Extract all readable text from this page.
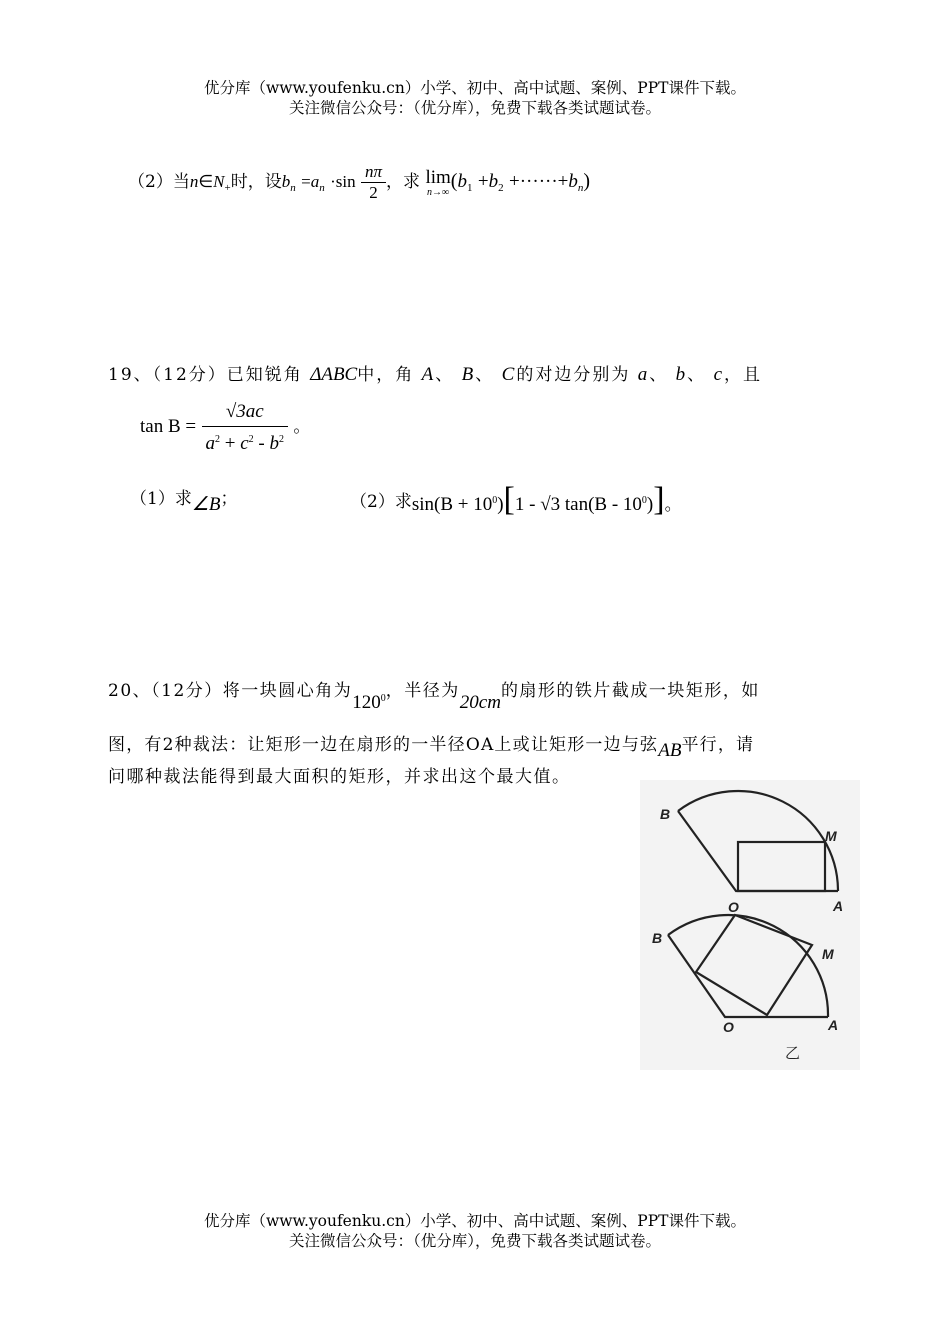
优分库（www.youfenku.cn）小学、初中、高中试题、案例、PPT课件下载。
关注微信公众号：（优分库），免费下载各类试题试卷。
（2）当$n\in N_+$时，设$b_n =a_n \cdot\sin \frac{n\pi}{2}$ ，求 lim
n→∞ $(b_1 +b_2 +\cdot\cdot\cdot\cdot\cdot\cdot+b_n)$
19、（12分）已知锐角 ΔABC中，角 A、 B、 C的对边分别为 a、 b、 c，且
$\tan B = \frac{√3ac}{a^2 + c^2 - b^2}$ 。
（1）求∠B；	（2）求$\sin(B + 10^0)[1 - √3$ $\tan(B - 10^0)$]。
20、（12分）将一块圆心角为$120^0$，半径为20cm的扇形的铁片截成一块矩形，如
图，有2种裁法：让矩形一边在扇形的一半径OA上或让矩形一边与弦AB平行，请
问哪种裁法能得到最大面积的矩形，并求出这个最大值。
B
M
O	A
B
M
O	A
乙
优分库（www.youfenku.cn）小学、初中、高中试题、案例、PPT课件下载。
关注微信公众号：（优分库），免费下载各类试题试卷。
